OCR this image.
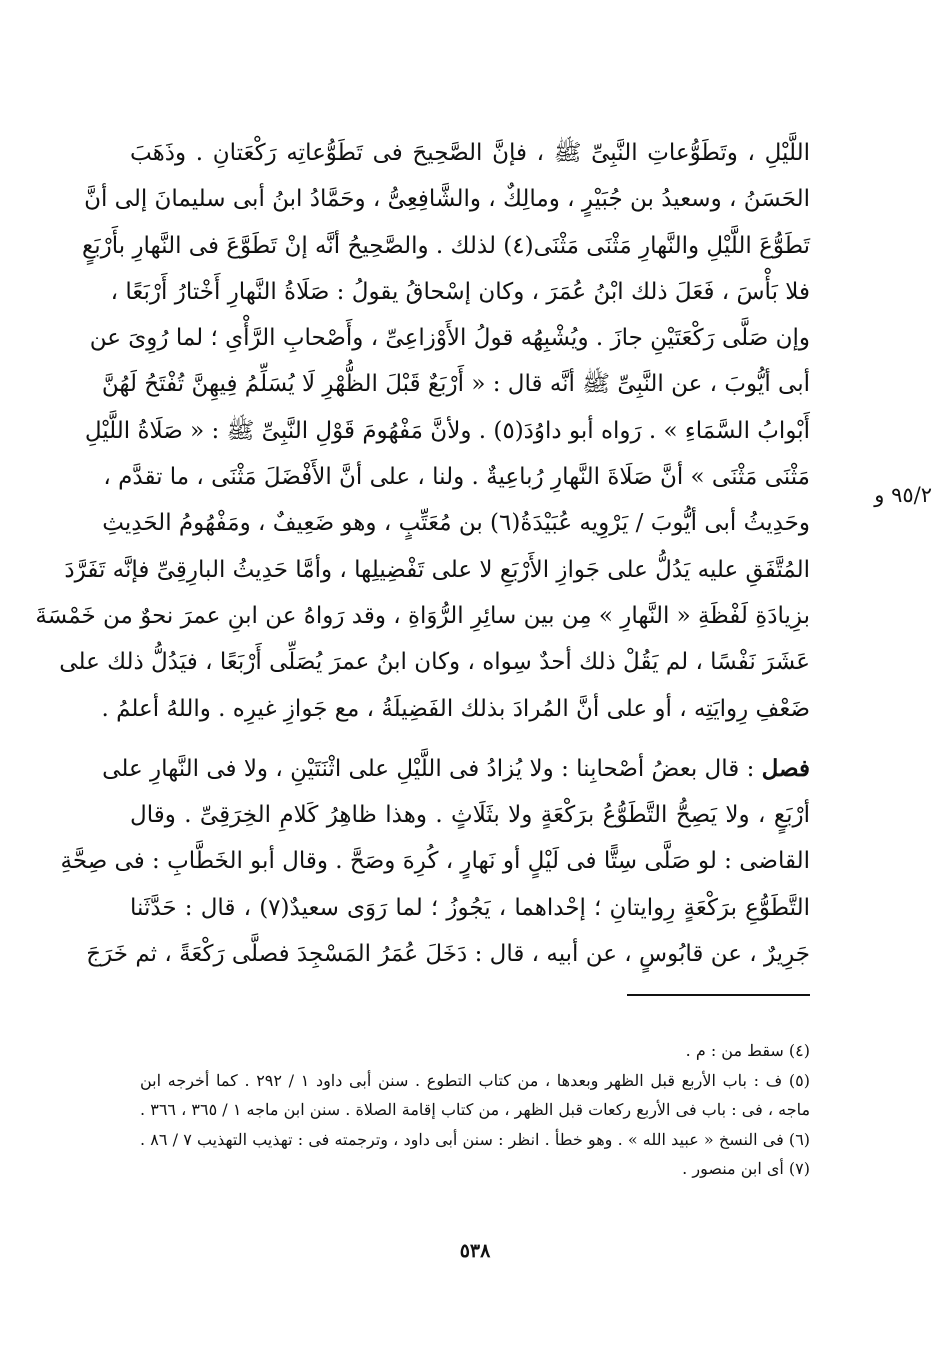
اللَّيْلِ ، وتَطَوُّعاتِ النَّبِىِّ ﷺ ، فإنَّ الصَّحِيحَ فى تَطَوُّعاتِه رَكْعَتانِ . وذَهَبَ
الحَسَنُ ، وسعيدُ بن جُبَيْرٍ ، ومالِكٌ ، والشَّافِعِىُّ ، وحَمَّادُ ابنُ أبى سليمانَ إلى أنَّ
تَطَوُّعَ اللَّيْلِ والنَّهارِ مَثْنَى مَثْنَى(٤) لذلك . والصَّحِيحُ أنَّه إنْ تَطَوَّعَ فى النَّهارِ بأَرْبَعٍ
فلا بَأْسَ ، فَعَلَ ذلك ابْنُ عُمَرَ ، وكان إسْحاقُ يقولُ : صَلَاةُ النَّهارِ أَخْتارُ أَرْبَعًا ،
وإن صَلَّى رَكْعَتَيْنِ جازَ . ويُشْبِهُه قولُ الأَوْزاعِىِّ ، وأَصْحابِ الرَّأْىِ ؛ لما رُوِىَ عن
أبى أيُّوبَ ، عن النَّبِىِّ ﷺ أنَّه قال : « أَرْبَعٌ قَبْلَ الظُّهْرِ لَا يُسَلِّمُ فِيهِنَّ تُفْتَحُ لَهُنَّ
أَبْوابُ السَّمَاءِ » . رَواه أبو داوُدَ(٥) . ولأنَّ مَفْهُومَ قَوْلِ النَّبِىِّ ﷺ : « صَلَاةُ اللَّيْلِ
مَثْنَى مَثْنَى » أنَّ صَلَاةَ النَّهارِ رُباعِيةٌ . ولنا ، على أنَّ الأَفْضَلَ مَثْنَى ، ما تقدَّم ،
وحَدِيثُ أبى أيُّوبَ / يَرْوِيه عُبَيْدَةُ(٦) بن مُعَتِّبٍ ، وهو ضَعِيفٌ ، ومَفْهُومُ الحَدِيثِ
المُتَّفَقِ عليه يَدُلُّ على جَوازِ الأَرْبَعِ لا على تَفْضِيلِها ، وأمَّا حَدِيثُ البارِقِىِّ فإنَّه تَفَرَّدَ
بزِيادَةِ لَفْظَةِ « النَّهارِ » مِن بين سائِرِ الرُّوَاةِ ، وقد رَواهُ عن ابنِ عمرَ نحوٌ من خَمْسَةَ
عَشَرَ نَفْسًا ، لم يَقُلْ ذلك أحدٌ سِواه ، وكان ابنُ عمرَ يُصَلِّى أَرْبَعًا ، فيَدُلُّ ذلك على
ضَعْفِ رِوايَتِه ، أو على أنَّ المُرادَ بذلك الفَضِيلَةُ ، مع جَوازِ غيرِه . واللهُ أعلمُ .
فصل : قال بعضُ أصْحابِنا : ولا يُزادُ فى اللَّيْلِ على اثْنَتَيْنِ ، ولا فى النَّهارِ على
أرْبَعٍ ، ولا يَصِحُّ التَّطَوُّعُ برَكْعَةٍ ولا بثَلَاثٍ . وهذا ظاهِرُ كَلامِ الخِرَقِىِّ . وقال
القاضى : لو صَلَّى سِتًّا فى لَيْلٍ أو نَهارٍ ، كُرِهَ وصَحَّ . وقال أبو الخَطَّابِ : فى صِحَّةِ
التَّطَوُّعِ برَكْعَةٍ رِوايتانِ ؛ إحْداهما ، يَجُوزُ ؛ لما رَوَى سعيدٌ(٧) ، قال : حَدَّثَنا
جَرِيرٌ ، عن قابُوسٍ ، عن أبيه ، قال : دَخَلَ عُمَرُ المَسْجِدَ فصلَّى رَكْعَةً ، ثم خَرَجَ
٩٥/٢ و
(٤) سقط من : م .
(٥) ف : باب الأربع قبل الظهر وبعدها ، من كتاب التطوع . سنن أبى داود ١ / ٢٩٢ . كما أخرجه ابن
ماجه ، فى : باب فى الأربع ركعات قبل الظهر ، من كتاب إقامة الصلاة . سنن ابن ماجه ١ / ٣٦٥ ، ٣٦٦ .
(٦) فى النسخ « عبيد الله » . وهو خطأ . انظر : سنن أبى داود ، وترجمته فى : تهذيب التهذيب ٧ / ٨٦ .
(٧) أى ابن منصور .
٥٣٨
